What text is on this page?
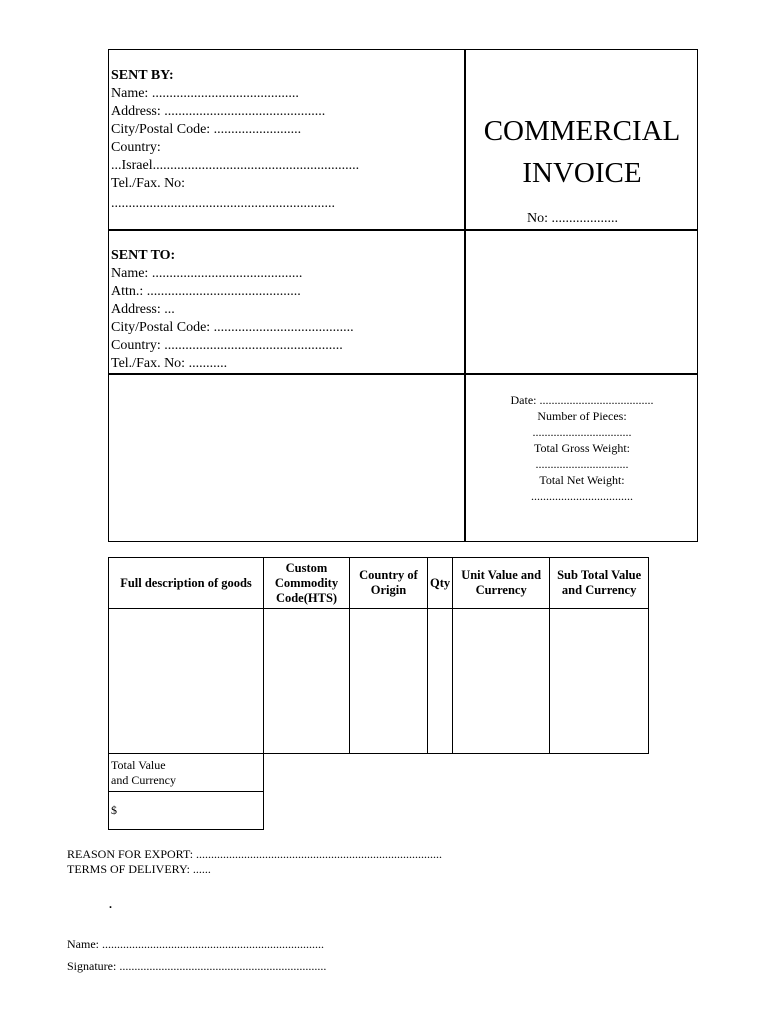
SENT BY:
Name: ..........................................
Address: ..............................................
City/Postal Code: .........................
Country:
...Israel...........................................................
Tel./Fax. No:
................................................................
COMMERCIAL
INVOICE
No: ...................
SENT TO:
Name: ...........................................
Attn.: ............................................
Address: ...
City/Postal Code: ........................................
Country: ...................................................
Tel./Fax. No: ...........
Date: ......................................
Number of Pieces:
.................................
Total Gross Weight:
...............................
Total Net Weight:
..................................
Full description of goods	Custom Commodity Code(HTS)	Country of Origin	Qty	Unit Value and Currency	Sub Total Value and Currency

Total Value
and Currency					

$					
REASON FOR EXPORT: ..................................................................................
TERMS OF DELIVERY: ......
.
Name: ..........................................................................
Signature: .....................................................................
